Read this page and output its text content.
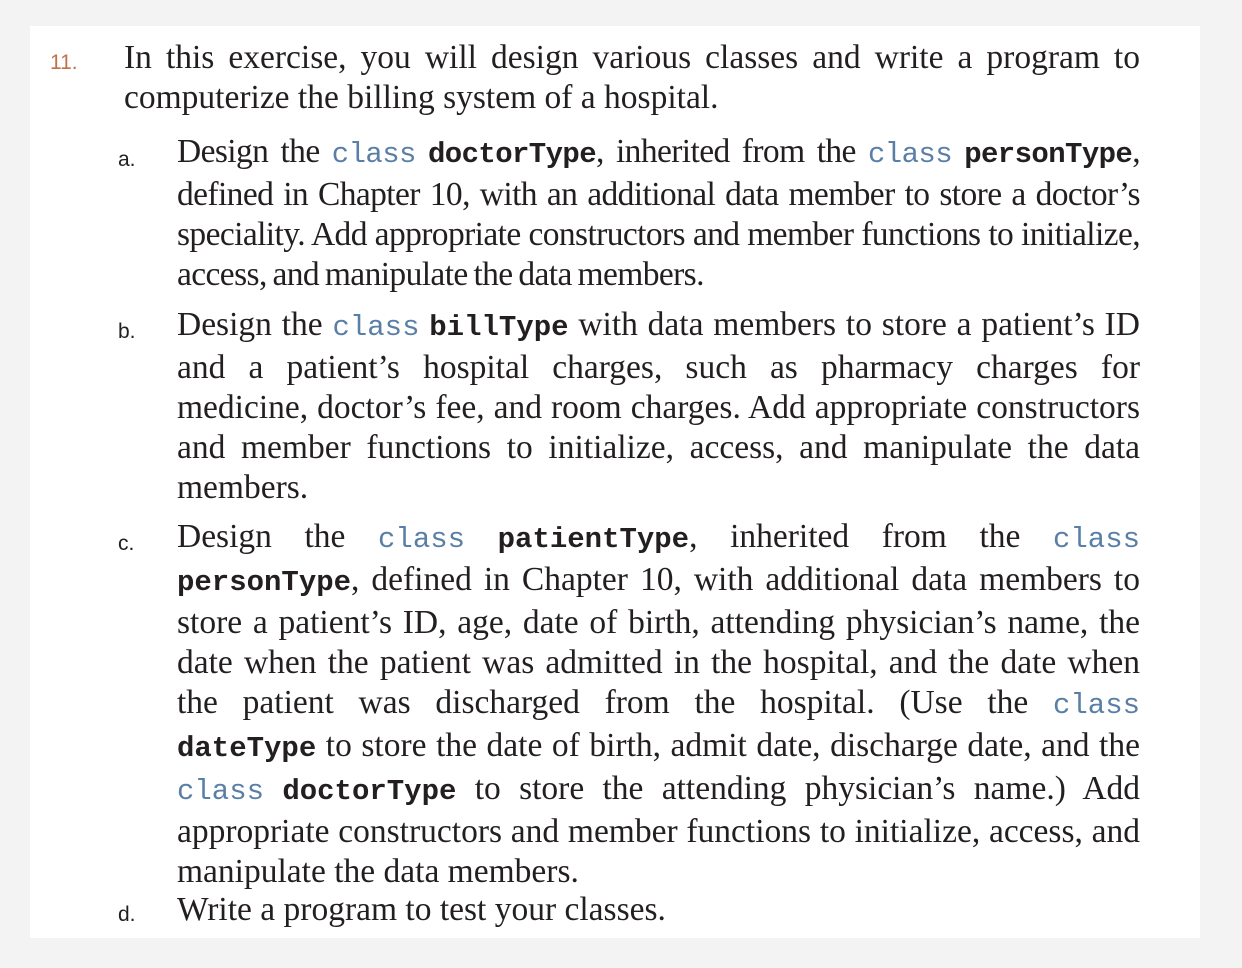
11. In this exercise, you will design various classes and write a program to computerize the billing system of a hospital.
a. Design the class doctorType, inherited from the class personType, defined in Chapter 10, with an additional data member to store a doctor’s speciality. Add appropriate constructors and member functions to initialize, access, and manipulate the data members.
b. Design the class billType with data members to store a patient’s ID and a patient’s hospital charges, such as pharmacy charges for medicine, doctor’s fee, and room charges. Add appropriate constructors and member functions to initialize, access, and manipulate the data members.
c. Design the class patientType, inherited from the class personType, defined in Chapter 10, with additional data members to store a patient’s ID, age, date of birth, attending physician’s name, the date when the patient was admitted in the hospital, and the date when the patient was discharged from the hospital. (Use the class dateType to store the date of birth, admit date, discharge date, and the class doctorType to store the attending physician’s name.) Add appropriate constructors and member functions to initialize, access, and manipulate the data members.
d. Write a program to test your classes.
